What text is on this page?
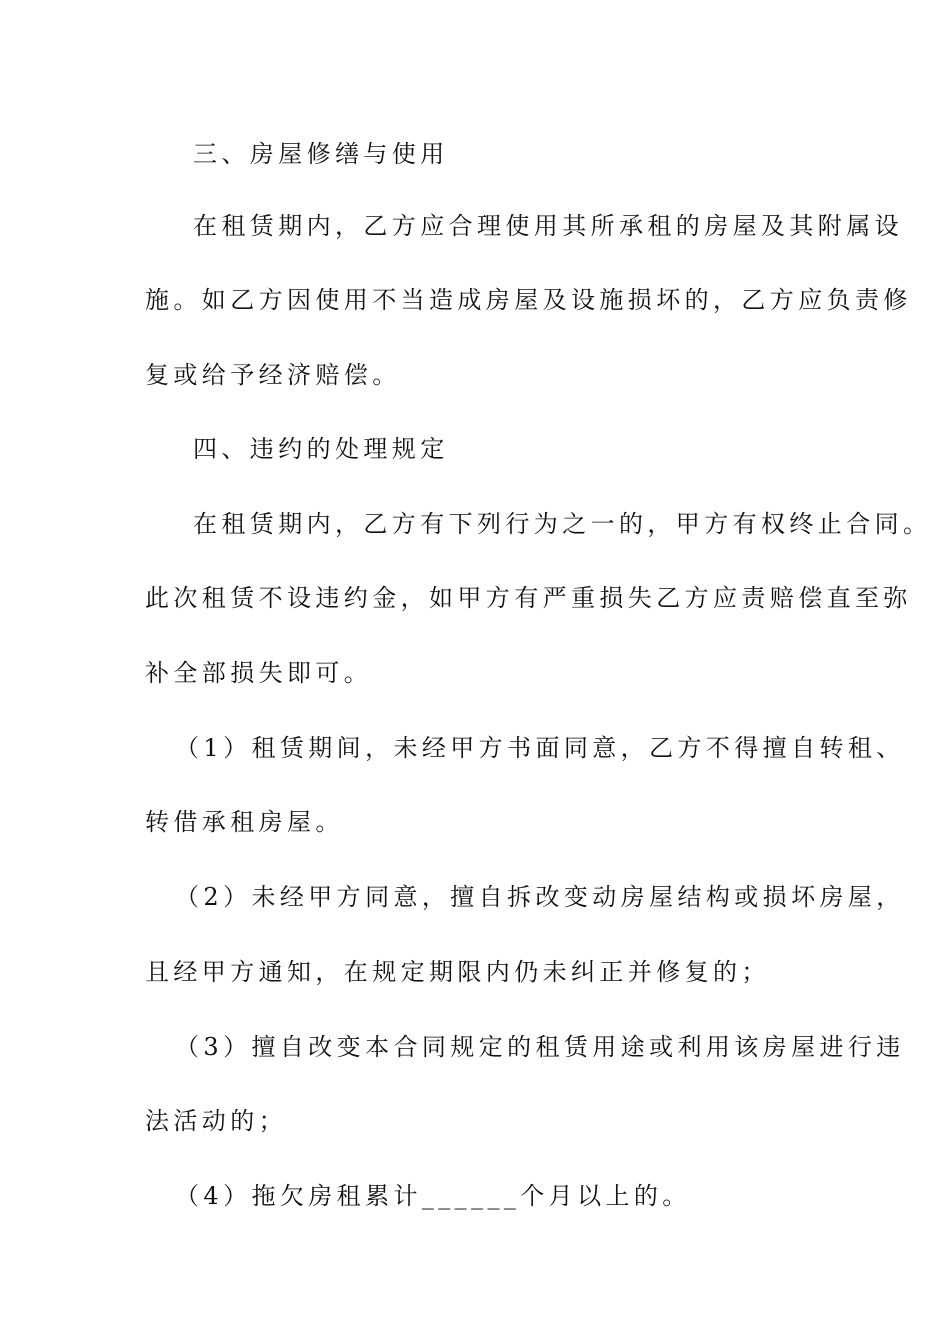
三、房屋修缮与使用
在租赁期内，乙方应合理使用其所承租的房屋及其附属设
施。如乙方因使用不当造成房屋及设施损坏的，乙方应负责修
复或给予经济赔偿。
四、违约的处理规定
在租赁期内，乙方有下列行为之一的，甲方有权终止合同。
此次租赁不设违约金，如甲方有严重损失乙方应责赔偿直至弥
补全部损失即可。
（1）租赁期间，未经甲方书面同意，乙方不得擅自转租、
转借承租房屋。
（2）未经甲方同意，擅自拆改变动房屋结构或损坏房屋，
且经甲方通知，在规定期限内仍未纠正并修复的；
（3）擅自改变本合同规定的租赁用途或利用该房屋进行违
法活动的；
（4）拖欠房租累计______个月以上的。
